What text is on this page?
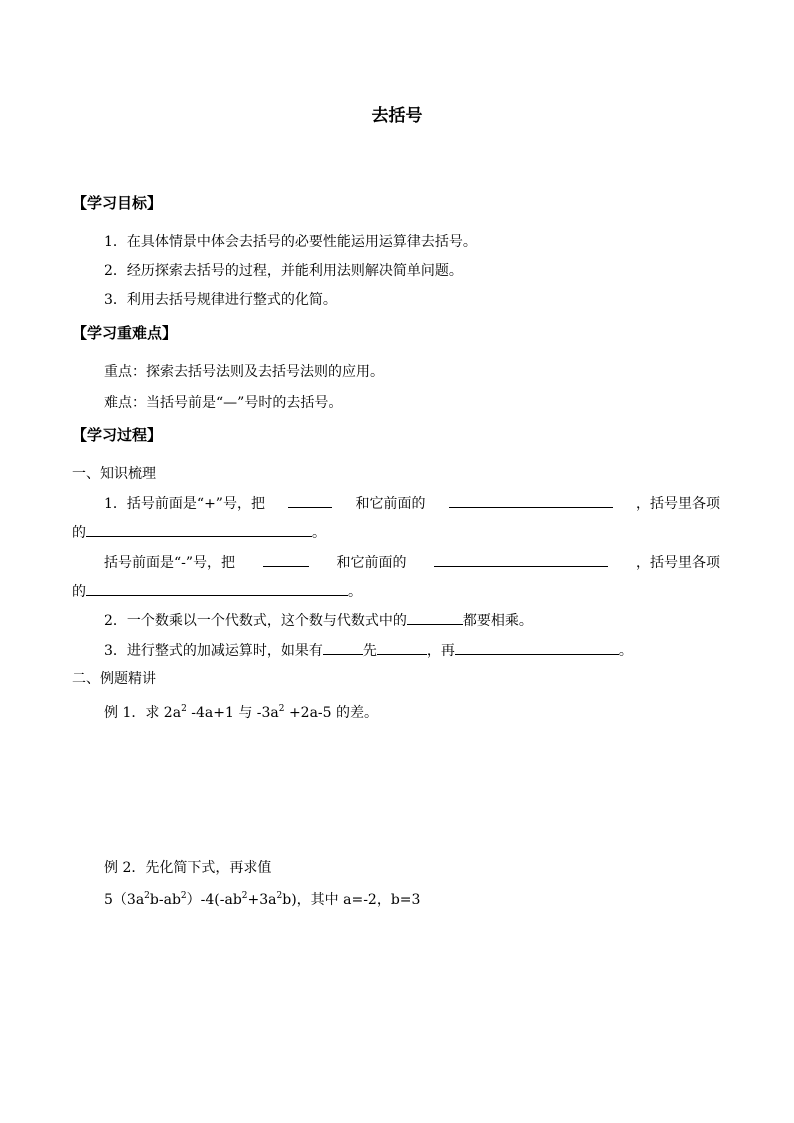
去括号
【学习目标】
1．在具体情景中体会去括号的必要性能运用运算律去括号。
2．经历探索去括号的过程，并能利用法则解决简单问题。
3．利用去括号规律进行整式的化简。
【学习重难点】
重点：探索去括号法则及去括号法则的应用。
难点：当括号前是“—”号时的去括号。
【学习过程】
一、知识梳理
1．括号前面是“+”号，把	和它前面的	，括号里各项
的	。
括号前面是“-”号，把	和它前面的	，括号里各项
的	。
2．一个数乘以一个代数式，这个数与代数式中的	都要相乘。
3．进行整式的加减运算时，如果有	先	，再	。
二、例题精讲
例 1．求 $2a^2$ -4a+1 与 $-3a^2 +2a-5$ 的差。
例 2．先化简下式，再求值
$5(3a^2b-ab^2)-4(-ab^2+3a^2b)$，其中 a=-2，b=3
